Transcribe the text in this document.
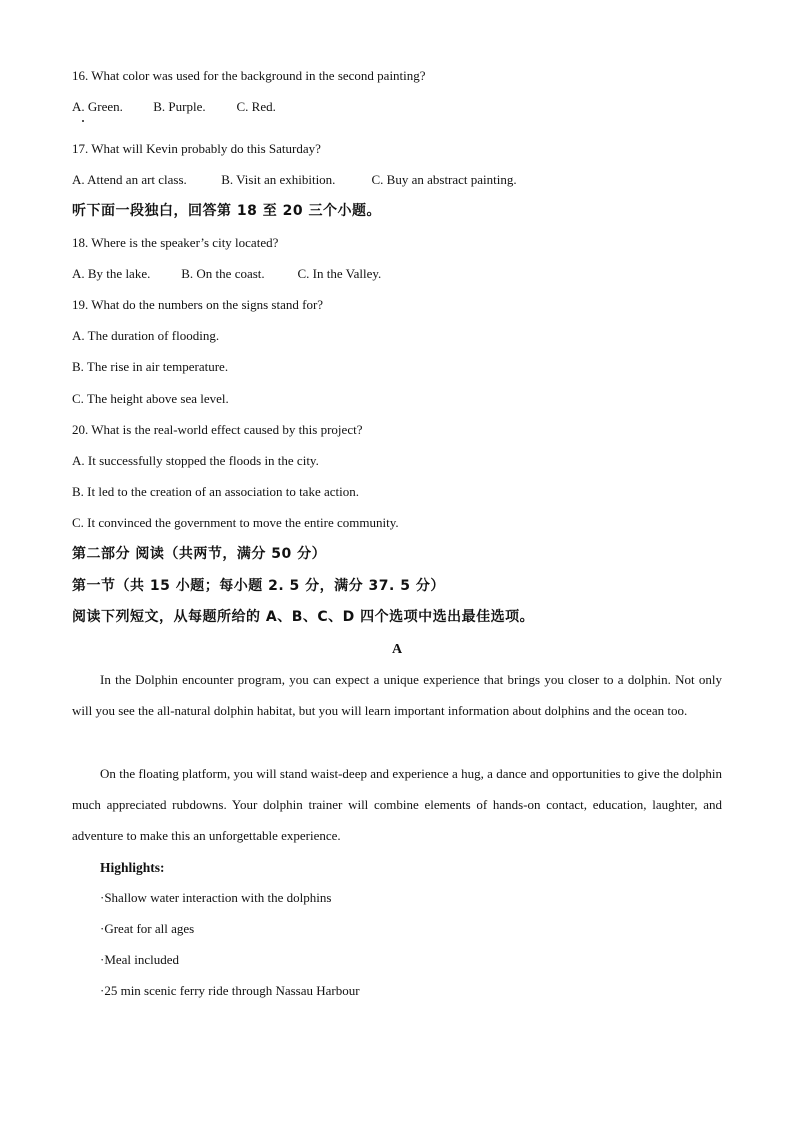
16. What color was used for the background in the second painting?
A. Green. B. Purple. C. Red.
17. What will Kevin probably do this Saturday?
A. Attend an art class.	B. Visit an exhibition.	C. Buy an abstract painting.
听下面一段独白，回答第 18 至 20 三个小题。
18. Where is the speaker’s city located?
A. By the lake. B. On the coast.	C. In the Valley.
19. What do the numbers on the signs stand for?
A. The duration of flooding.
B. The rise in air temperature.
C. The height above sea level.
20. What is the real-world effect caused by this project?
A. It successfully stopped the floods in the city.
B. It led to the creation of an association to take action.
C. It convinced the government to move the entire community.
第二部分 阅读（共两节，满分 50 分）
第一节（共 15 小题；每小题 2. 5 分，满分 37. 5 分）
阅读下列短文，从每题所给的 A、B、C、D 四个选项中选出最佳选项。
A
In the Dolphin encounter program, you can expect a unique experience that brings you closer to a dolphin. Not only will you see the all-natural dolphin habitat, but you will learn important information about dolphins and the ocean too.
On the floating platform, you will stand waist-deep and experience a hug, a dance and opportunities to give the dolphin much appreciated rubdowns. Your dolphin trainer will combine elements of hands-on contact, education, laughter, and adventure to make this an unforgettable experience.
Highlights:
·Shallow water interaction with the dolphins
·Great for all ages
·Meal included
·25 min scenic ferry ride through Nassau Harbour
